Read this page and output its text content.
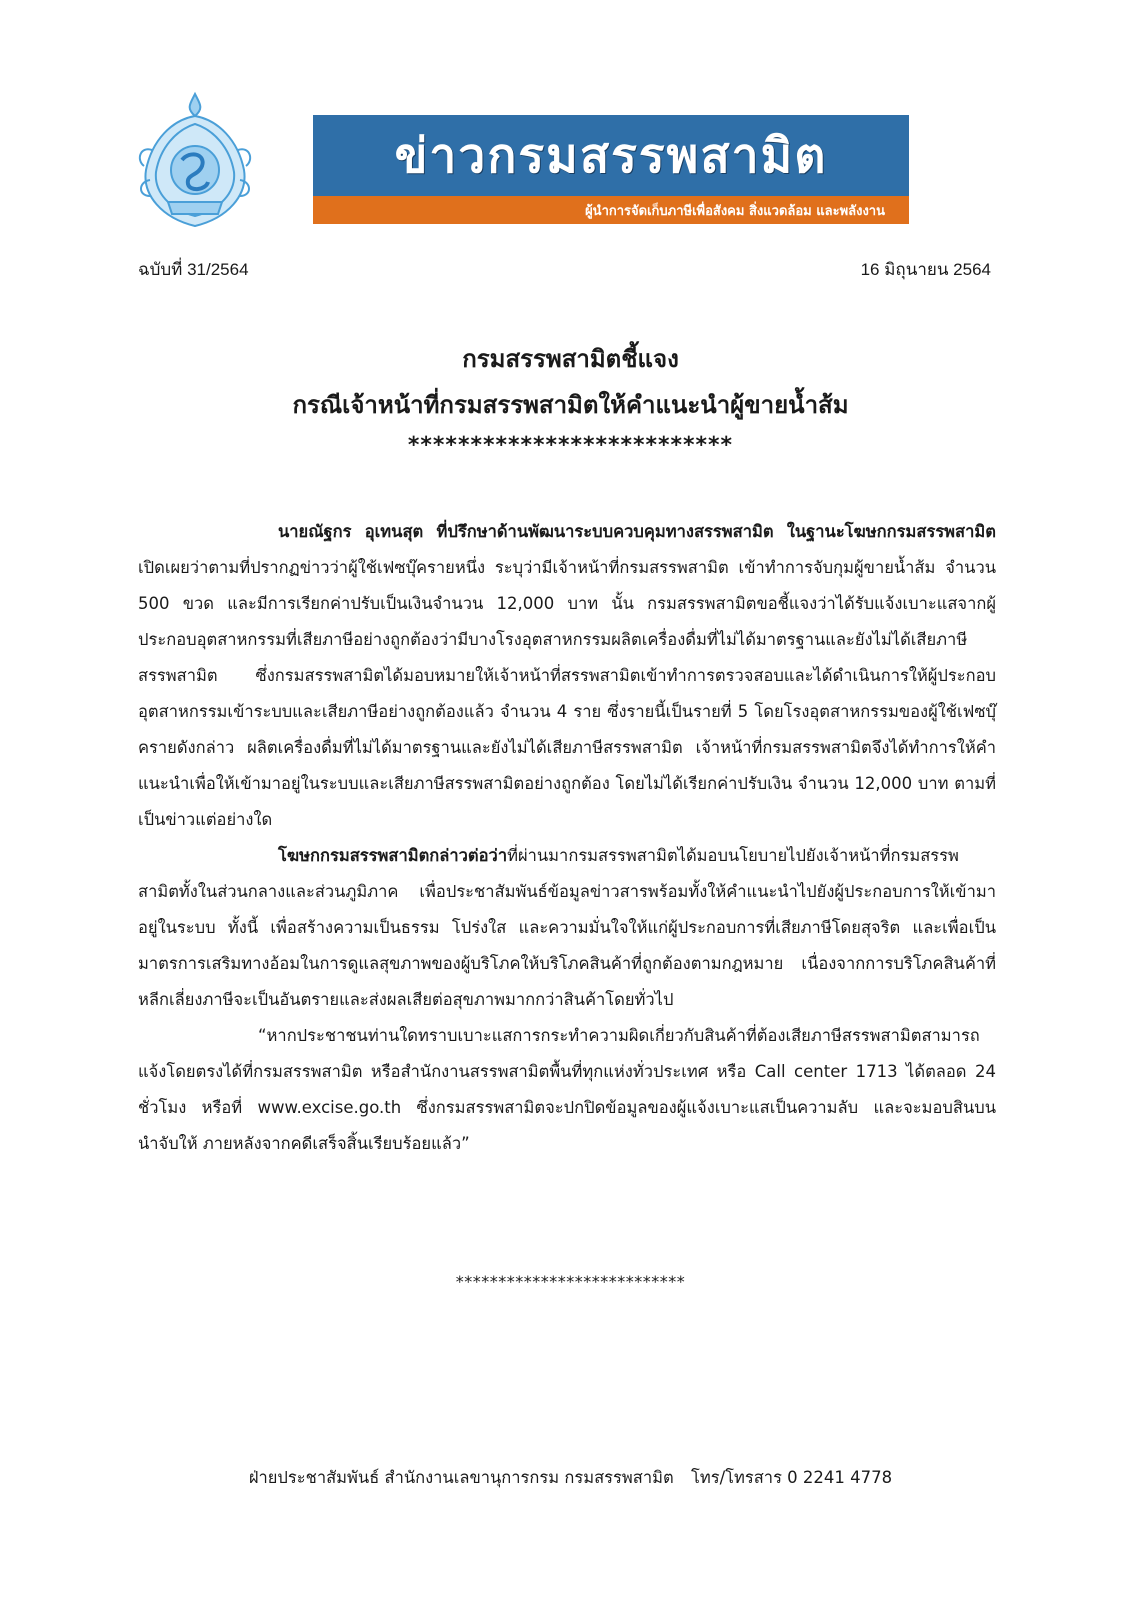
ข่าวกรมสรรพสามิต
ผู้นำการจัดเก็บภาษีเพื่อสังคม สิ่งแวดล้อม และพลังงาน
ฉบับที่ 31/2564	16 มิถุนายน 2564
กรมสรรพสามิตชี้แจง
กรณีเจ้าหน้าที่กรมสรรพสามิตให้คำแนะนำผู้ขายน้ำส้ม
**************************

นายณัฐกร อุเทนสุต ที่ปรึกษาด้านพัฒนาระบบควบคุมทางสรรพสามิต ในฐานะโฆษกกรมสรรพสามิต เปิดเผยว่าตามที่ปรากฏข่าวว่าผู้ใช้เฟซบุ๊ครายหนึ่ง ระบุว่ามีเจ้าหน้าที่กรมสรรพสามิต เข้าทำการจับกุมผู้ขายน้ำส้ม จำนวน 500 ขวด และมีการเรียกค่าปรับเป็นเงินจำนวน 12,000 บาท นั้น กรมสรรพสามิตขอชี้แจงว่าได้รับแจ้งเบาะแสจากผู้ประกอบอุตสาหกรรมที่เสียภาษีอย่างถูกต้องว่ามีบางโรงอุตสาหกรรมผลิตเครื่องดื่มที่ไม่ได้มาตรฐานและยังไม่ได้เสียภาษีสรรพสามิต ซึ่งกรมสรรพสามิตได้มอบหมายให้เจ้าหน้าที่สรรพสามิตเข้าทำการตรวจสอบและได้ดำเนินการให้ผู้ประกอบอุตสาหกรรมเข้าระบบและเสียภาษีอย่างถูกต้องแล้ว จำนวน 4 ราย ซึ่งรายนี้เป็นรายที่ 5 โดยโรงอุตสาหกรรมของผู้ใช้เฟซบุ๊ครายดังกล่าว ผลิตเครื่องดื่มที่ไม่ได้มาตรฐานและยังไม่ได้เสียภาษีสรรพสามิต เจ้าหน้าที่กรมสรรพสามิตจึงได้ทำการให้คำแนะนำเพื่อให้เข้ามาอยู่ในระบบและเสียภาษีสรรพสามิตอย่างถูกต้อง โดยไม่ได้เรียกค่าปรับเงิน จำนวน 12,000 บาท ตามที่เป็นข่าวแต่อย่างใด

โฆษกกรมสรรพสามิตกล่าวต่อว่าที่ผ่านมากรมสรรพสามิตได้มอบนโยบายไปยังเจ้าหน้าที่กรมสรรพสามิตทั้งในส่วนกลางและส่วนภูมิภาค เพื่อประชาสัมพันธ์ข้อมูลข่าวสารพร้อมทั้งให้คำแนะนำไปยังผู้ประกอบการให้เข้ามาอยู่ในระบบ ทั้งนี้ เพื่อสร้างความเป็นธรรม โปร่งใส และความมั่นใจให้แก่ผู้ประกอบการที่เสียภาษีโดยสุจริต และเพื่อเป็นมาตรการเสริมทางอ้อมในการดูแลสุขภาพของผู้บริโภคให้บริโภคสินค้าที่ถูกต้องตามกฎหมาย เนื่องจากการบริโภคสินค้าที่หลีกเลี่ยงภาษีจะเป็นอันตรายและส่งผลเสียต่อสุขภาพมากกว่าสินค้าโดยทั่วไป

“หากประชาชนท่านใดทราบเบาะแสการกระทำความผิดเกี่ยวกับสินค้าที่ต้องเสียภาษีสรรพสามิตสามารถแจ้งโดยตรงได้ที่กรมสรรพสามิต หรือสำนักงานสรรพสามิตพื้นที่ทุกแห่งทั่วประเทศ หรือ Call center 1713 ได้ตลอด 24 ชั่วโมง หรือที่ www.excise.go.th ซึ่งกรมสรรพสามิตจะปกปิดข้อมูลของผู้แจ้งเบาะแสเป็นความลับ และจะมอบสินบนนำจับให้ ภายหลังจากคดีเสร็จสิ้นเรียบร้อยแล้ว”

***************************
ฝ่ายประชาสัมพันธ์ สำนักงานเลขานุการกรม กรมสรรพสามิต โทร/โทรสาร 0 2241 4778
